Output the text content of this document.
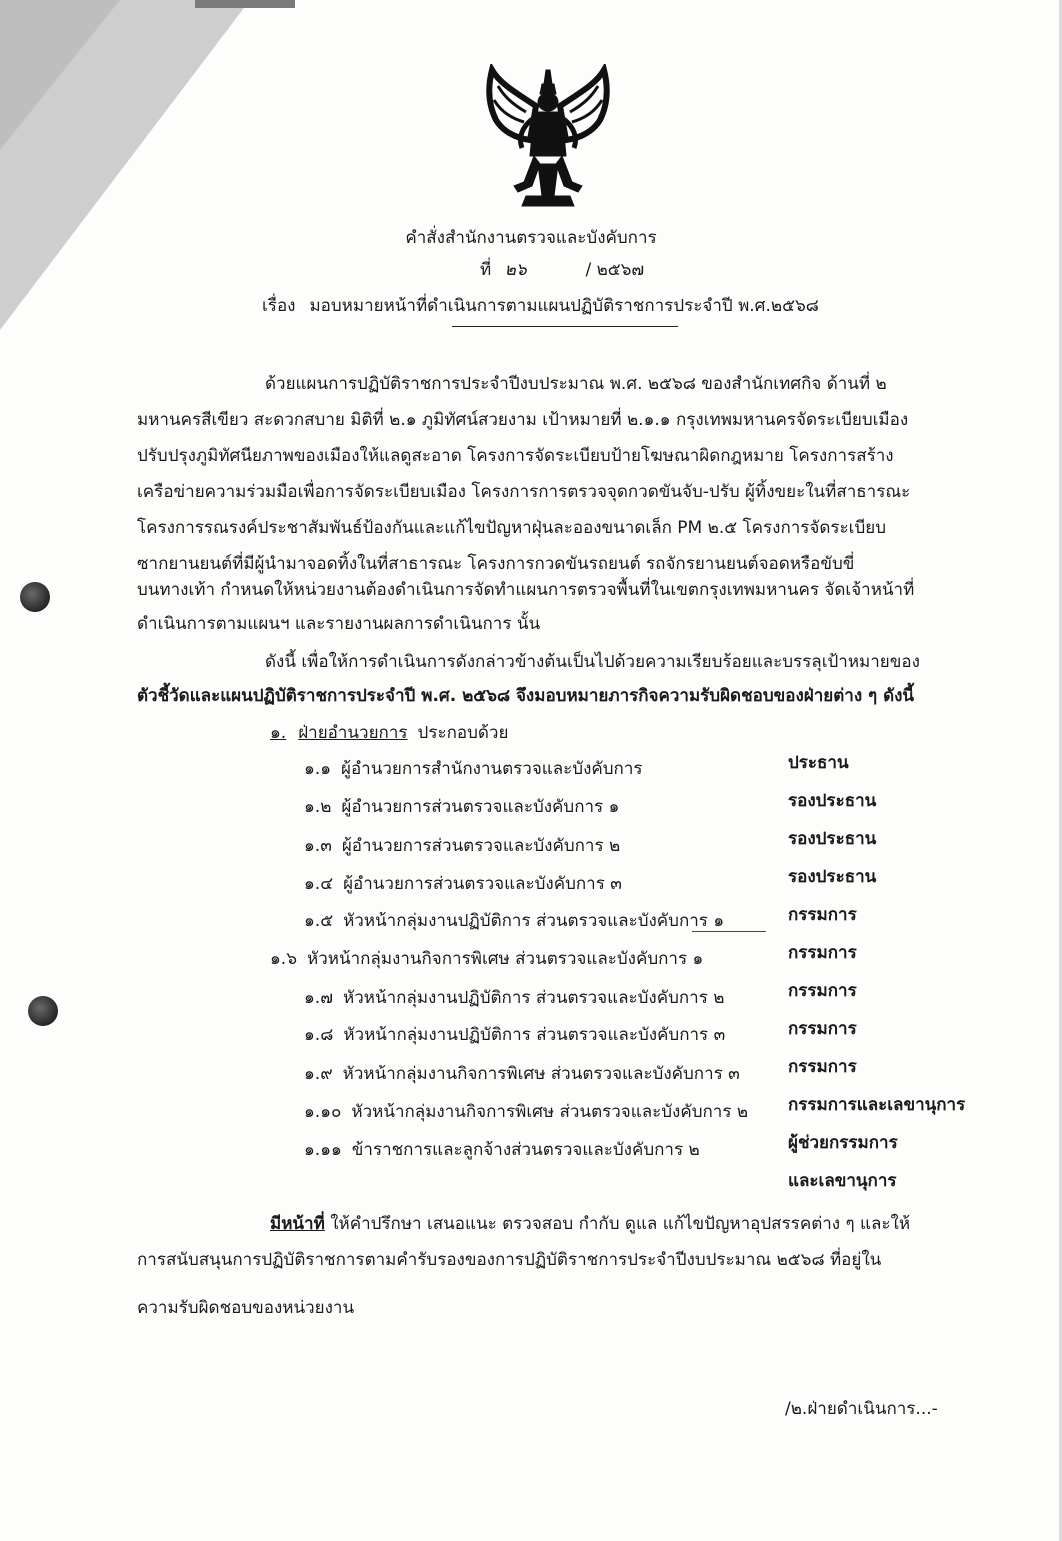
คำสั่งสำนักงานตรวจและบังคับการ
ที่ ๒๖	/ ๒๕๖๗
เรื่อง มอบหมายหน้าที่ดำเนินการตามแผนปฏิบัติราชการประจำปี พ.ศ.๒๕๖๘
ด้วยแผนการปฏิบัติราชการประจำปีงบประมาณ พ.ศ. ๒๕๖๘ ของสำนักเทศกิจ ด้านที่ ๒
มหานครสีเขียว สะดวกสบาย มิติที่ ๒.๑ ภูมิทัศน์สวยงาม เป้าหมายที่ ๒.๑.๑ กรุงเทพมหานครจัดระเบียบเมือง
ปรับปรุงภูมิทัศนียภาพของเมืองให้แลดูสะอาด โครงการจัดระเบียบป้ายโฆษณาผิดกฎหมาย โครงการสร้าง
เครือข่ายความร่วมมือเพื่อการจัดระเบียบเมือง โครงการการตรวจจุดกวดขันจับ-ปรับ ผู้ทิ้งขยะในที่สาธารณะ
โครงการรณรงค์ประชาสัมพันธ์ป้องกันและแก้ไขปัญหาฝุ่นละอองขนาดเล็ก PM ๒.๕ โครงการจัดระเบียบ
ซากยานยนต์ที่มีผู้นำมาจอดทิ้งในที่สาธารณะ โครงการกวดขันรถยนต์ รถจักรยานยนต์จอดหรือขับขี่
บนทางเท้า กำหนดให้หน่วยงานต้องดำเนินการจัดทำแผนการตรวจพื้นที่ในเขตกรุงเทพมหานคร จัดเจ้าหน้าที่
ดำเนินการตามแผนฯ และรายงานผลการดำเนินการ นั้น
ดังนี้ เพื่อให้การดำเนินการดังกล่าวข้างต้นเป็นไปด้วยความเรียบร้อยและบรรลุเป้าหมายของ
ตัวชี้วัดและแผนปฏิบัติราชการประจำปี พ.ศ. ๒๕๖๘ จึงมอบหมายภารกิจความรับผิดชอบของฝ่ายต่าง ๆ ดังนี้
๑. ฝ่ายอำนวยการ ประกอบด้วย
๑.๑ ผู้อำนวยการสำนักงานตรวจและบังคับการ	ประธาน
๑.๒ ผู้อำนวยการส่วนตรวจและบังคับการ ๑	รองประธาน
๑.๓ ผู้อำนวยการส่วนตรวจและบังคับการ ๒	รองประธาน
๑.๔ ผู้อำนวยการส่วนตรวจและบังคับการ ๓	รองประธาน
๑.๕ หัวหน้ากลุ่มงานปฏิบัติการ ส่วนตรวจและบังคับการ ๑	กรรมการ
๑.๖ หัวหน้ากลุ่มงานกิจการพิเศษ ส่วนตรวจและบังคับการ ๑	กรรมการ
๑.๗ หัวหน้ากลุ่มงานปฏิบัติการ ส่วนตรวจและบังคับการ ๒	กรรมการ
๑.๘ หัวหน้ากลุ่มงานปฏิบัติการ ส่วนตรวจและบังคับการ ๓	กรรมการ
๑.๙ หัวหน้ากลุ่มงานกิจการพิเศษ ส่วนตรวจและบังคับการ ๓	กรรมการ
๑.๑๐ หัวหน้ากลุ่มงานกิจการพิเศษ ส่วนตรวจและบังคับการ ๒ กรรมการและเลขานุการ
๑.๑๑ ข้าราชการและลูกจ้างส่วนตรวจและบังคับการ ๒	ผู้ช่วยกรรมการ
และเลขานุการ
มีหน้าที่ ให้คำปรึกษา เสนอแนะ ตรวจสอบ กำกับ ดูแล แก้ไขปัญหาอุปสรรคต่าง ๆ และให้
การสนับสนุนการปฏิบัติราชการตามคำรับรองของการปฏิบัติราชการประจำปีงบประมาณ ๒๕๖๘ ที่อยู่ใน
ความรับผิดชอบของหน่วยงาน
/๒.ฝ่ายดำเนินการ...-
